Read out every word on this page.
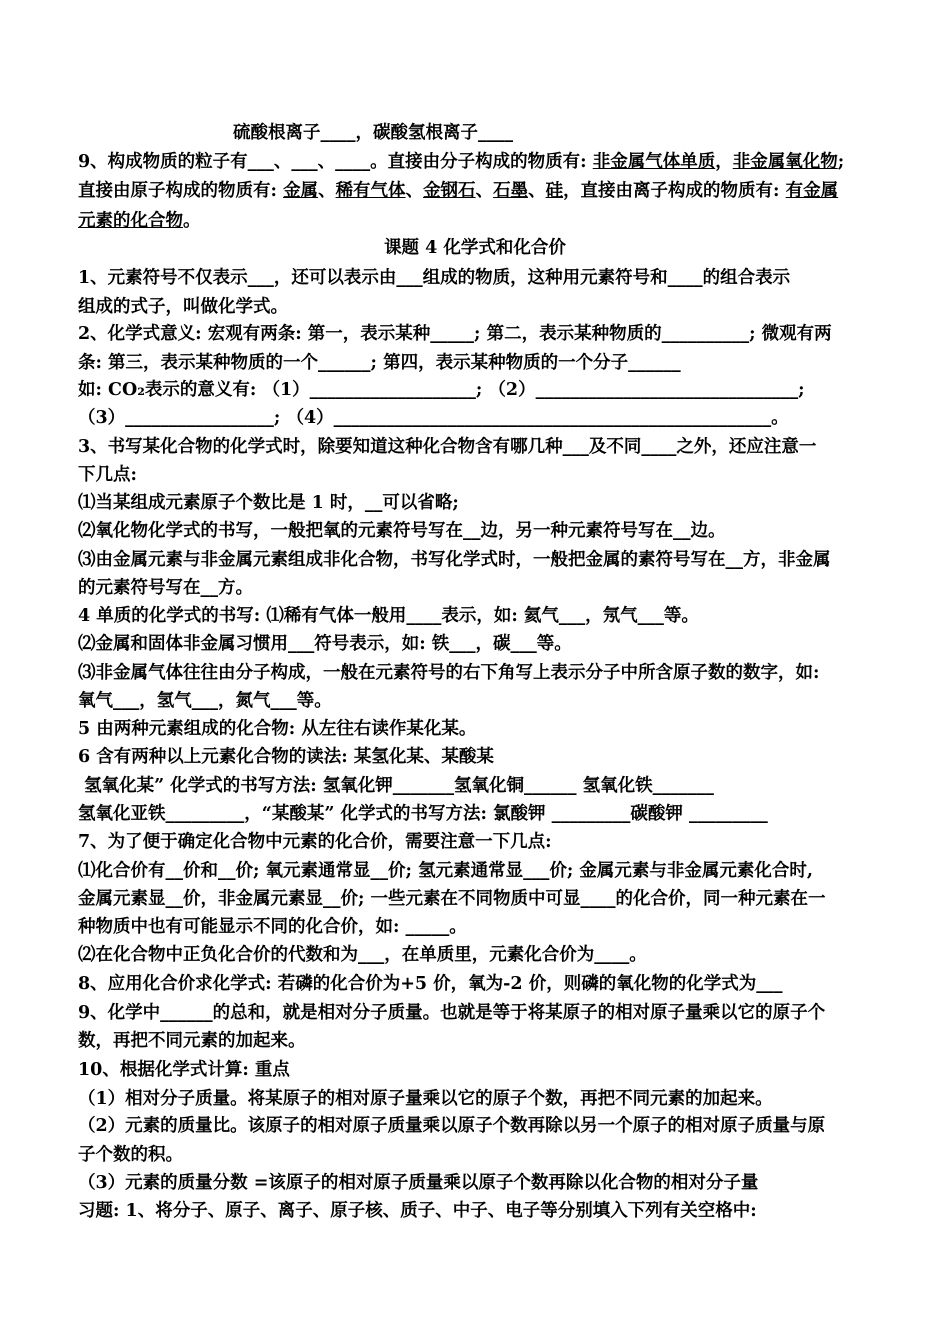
硫酸根离子____，碳酸氢根离子____
9、构成物质的粒子有___、___、____。直接由分子构成的物质有: 非金属气体单质，非金属氧化物;
直接由原子构成的物质有: 金属、稀有气体、金钢石、石墨、硅，直接由离子构成的物质有: 有金属
元素的化合物。
课题 4 化学式和化合价
1、元素符号不仅表示___，还可以表示由___组成的物质，这种用元素符号和____的组合表示
组成的式子，叫做化学式。
2、化学式意义: 宏观有两条: 第一，表示某种_____; 第二，表示某种物质的__________; 微观有两
条: 第三，表示某种物质的一个______; 第四，表示某种物质的一个分子______
如: CO₂表示的意义有: （1）___________________; （2）______________________________;
（3）_________________; （4）__________________________________________________。
3、书写某化合物的化学式时，除要知道这种化合物含有哪几种___及不同____之外，还应注意一
下几点:
⑴当某组成元素原子个数比是 1 时，__可以省略;
⑵氧化物化学式的书写，一般把氧的元素符号写在__边，另一种元素符号写在__边。
⑶由金属元素与非金属元素组成非化合物，书写化学式时，一般把金属的素符号写在__方，非金属
的元素符号写在__方。
4 单质的化学式的书写: ⑴稀有气体一般用____表示，如: 氦气___，氖气___等。
⑵金属和固体非金属习惯用___符号表示，如: 铁___，碳___等。
⑶非金属气体往往由分子构成，一般在元素符号的右下角写上表示分子中所含原子数的数字，如:
氧气___，氢气___，氮气___等。
5 由两种元素组成的化合物: 从左往右读作某化某。
6 含有两种以上元素化合物的读法: 某氢化某、某酸某
氢氧化某” 化学式的书写方法: 氢氧化钾_______氢氧化铜______ 氢氧化铁_______
氢氧化亚铁_________，“某酸某” 化学式的书写方法: 氯酸钾 _________碳酸钾 _________
7、为了便于确定化合物中元素的化合价，需要注意一下几点:
⑴化合价有__价和__价; 氧元素通常显__价; 氢元素通常显___价; 金属元素与非金属元素化合时,
金属元素显__价，非金属元素显__价; 一些元素在不同物质中可显____的化合价，同一种元素在一
种物质中也有可能显示不同的化合价，如: _____。
⑵在化合物中正负化合价的代数和为___，在单质里，元素化合价为____。
8、应用化合价求化学式: 若磷的化合价为+5 价，氧为-2 价，则磷的氧化物的化学式为___
9、化学中______的总和，就是相对分子质量。也就是等于将某原子的相对原子量乘以它的原子个
数，再把不同元素的加起来。
10、根据化学式计算: 重点
（1）相对分子质量。将某原子的相对原子量乘以它的原子个数，再把不同元素的加起来。
（2）元素的质量比。该原子的相对原子质量乘以原子个数再除以另一个原子的相对原子质量与原
子个数的积。
（3）元素的质量分数 =该原子的相对原子质量乘以原子个数再除以化合物的相对分子量
习题: 1、将分子、原子、离子、原子核、质子、中子、电子等分别填入下列有关空格中:
